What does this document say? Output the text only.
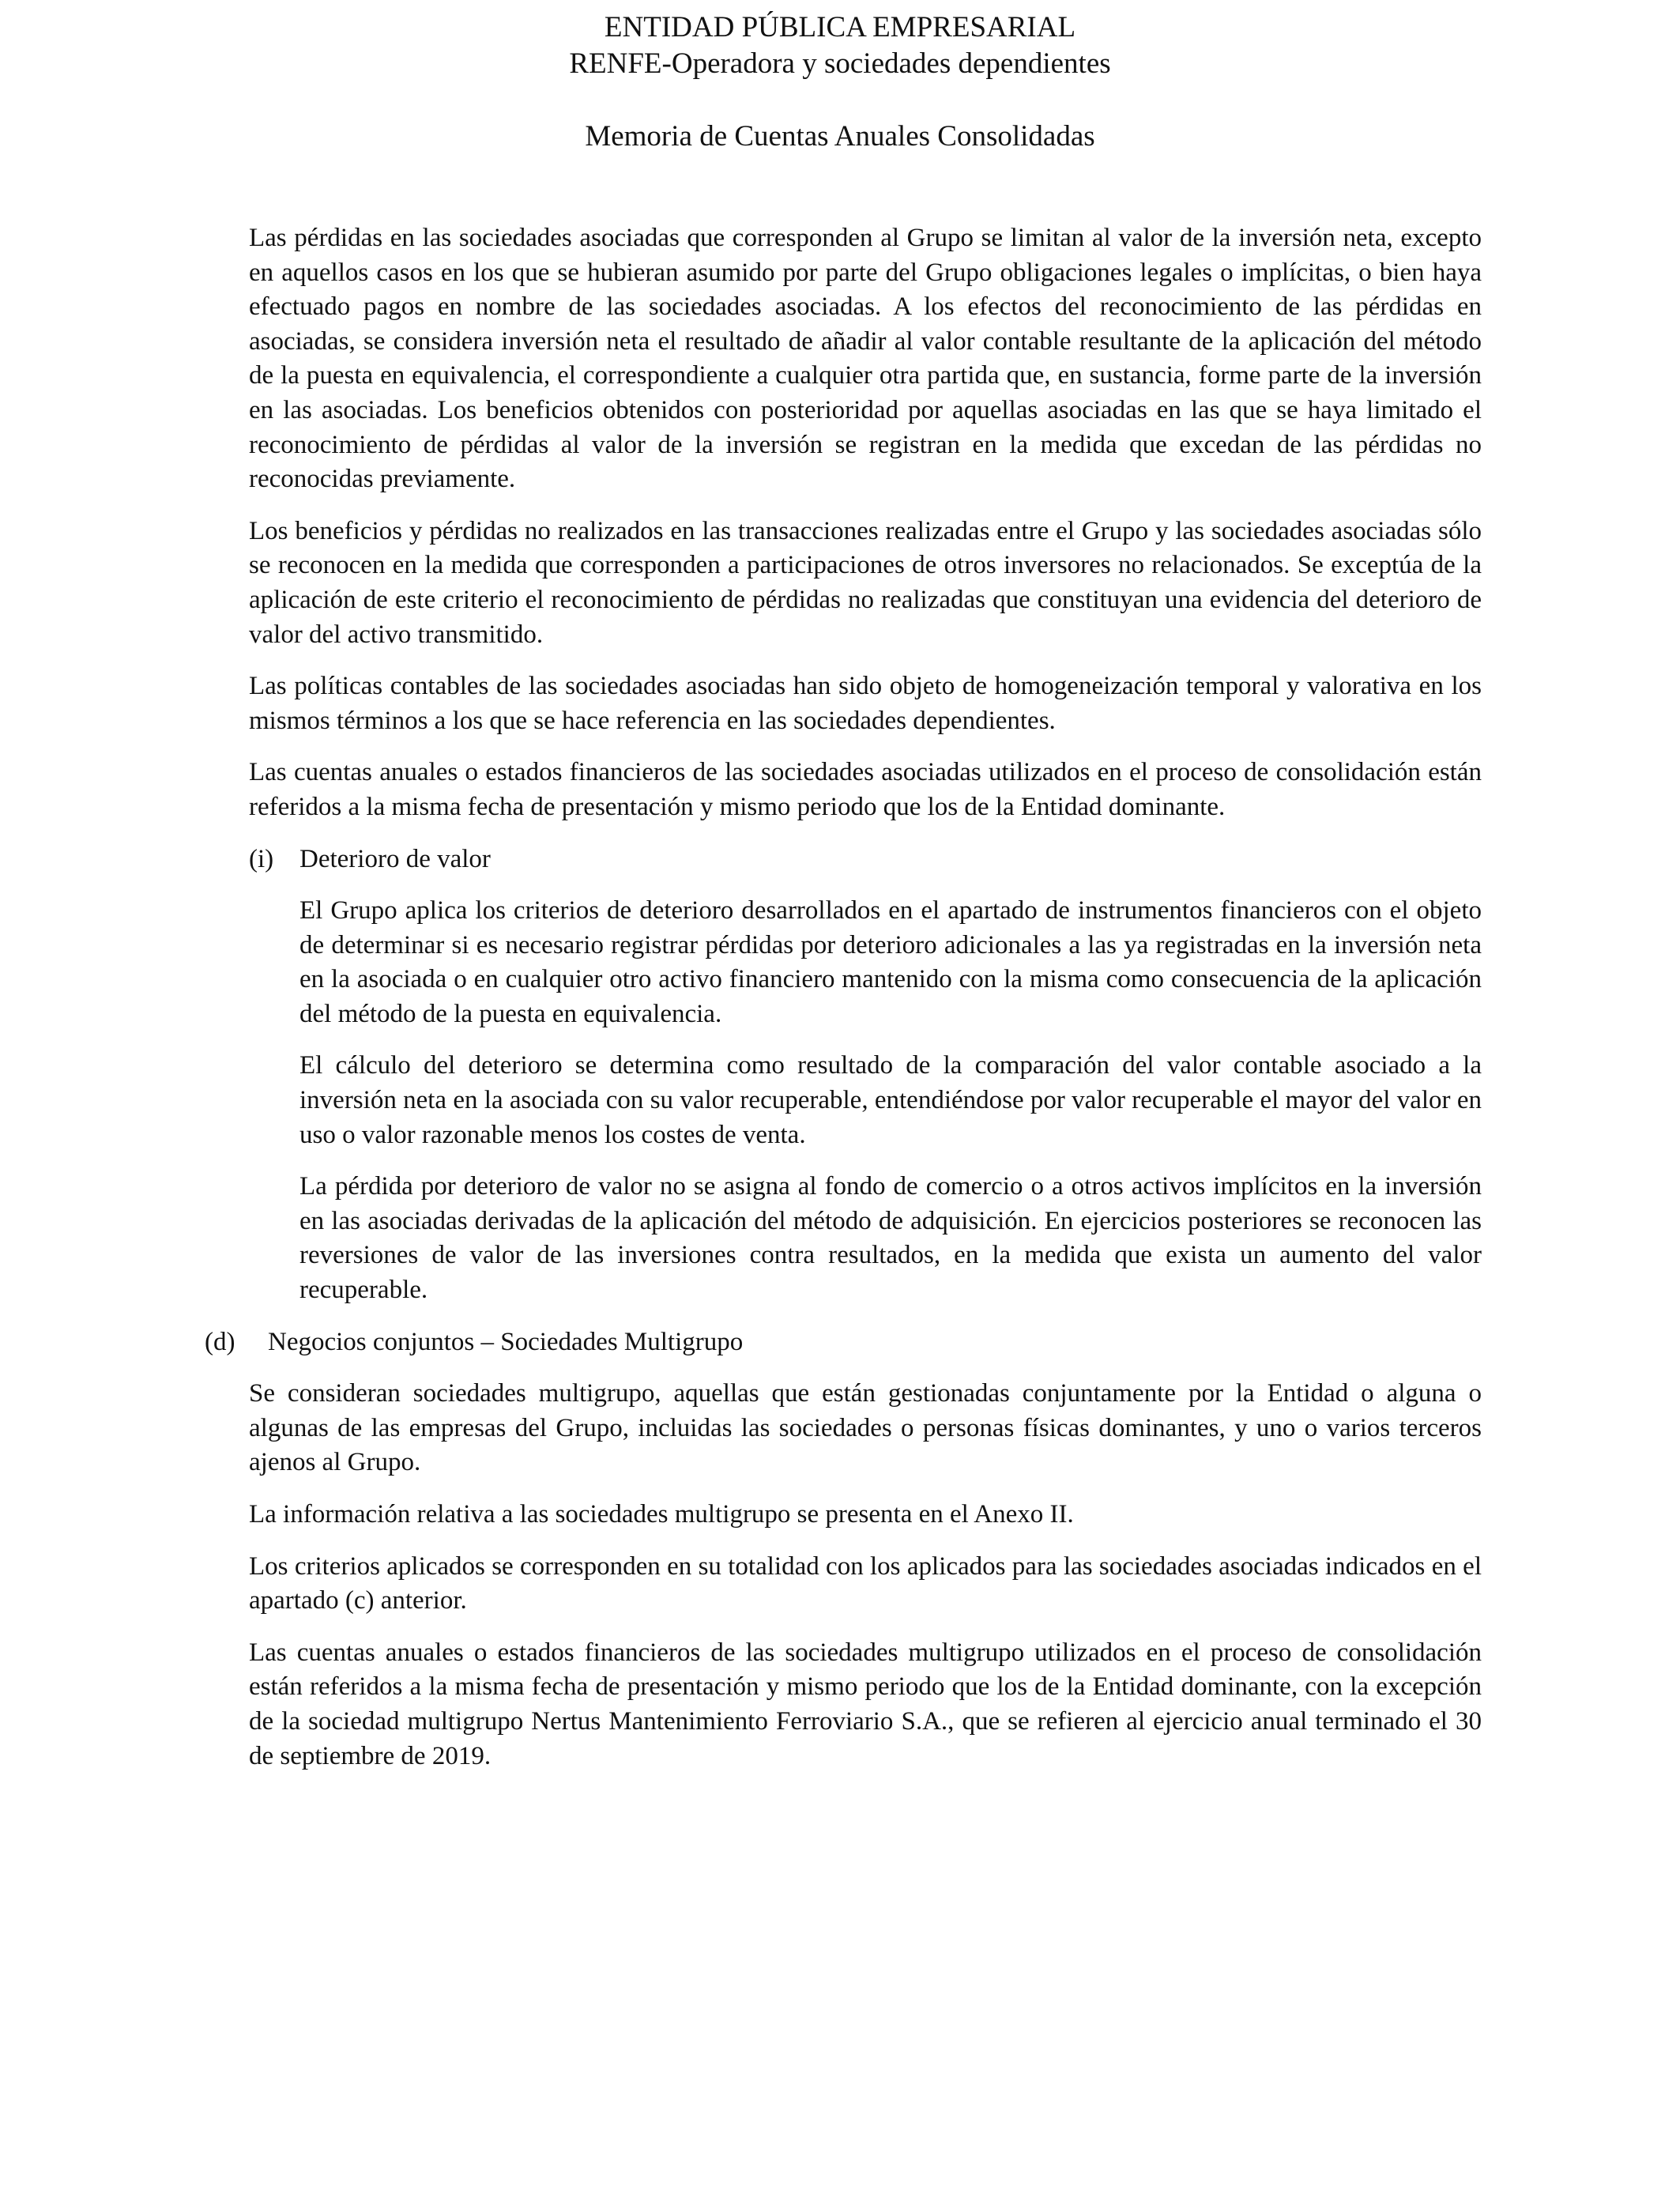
ENTIDAD PÚBLICA EMPRESARIAL
RENFE-Operadora y sociedades dependientes
Memoria de Cuentas Anuales Consolidadas

Las pérdidas en las sociedades asociadas que corresponden al Grupo se limitan al valor de la inversión neta, excepto en aquellos casos en los que se hubieran asumido por parte del Grupo obligaciones legales o implícitas, o bien haya efectuado pagos en nombre de las sociedades asociadas. A los efectos del reconocimiento de las pérdidas en asociadas, se considera inversión neta el resultado de añadir al valor contable resultante de la aplicación del método de la puesta en equivalencia, el correspondiente a cualquier otra partida que, en sustancia, forme parte de la inversión en las asociadas. Los beneficios obtenidos con posterioridad por aquellas asociadas en las que se haya limitado el reconocimiento de pérdidas al valor de la inversión se registran en la medida que excedan de las pérdidas no reconocidas previamente.

Los beneficios y pérdidas no realizados en las transacciones realizadas entre el Grupo y las sociedades asociadas sólo se reconocen en la medida que corresponden a participaciones de otros inversores no relacionados. Se exceptúa de la aplicación de este criterio el reconocimiento de pérdidas no realizadas que constituyan una evidencia del deterioro de valor del activo transmitido.

Las políticas contables de las sociedades asociadas han sido objeto de homogeneización temporal y valorativa en los mismos términos a los que se hace referencia en las sociedades dependientes.

Las cuentas anuales o estados financieros de las sociedades asociadas utilizados en el proceso de consolidación están referidos a la misma fecha de presentación y mismo periodo que los de la Entidad dominante.

(i) Deterioro de valor

El Grupo aplica los criterios de deterioro desarrollados en el apartado de instrumentos financieros con el objeto de determinar si es necesario registrar pérdidas por deterioro adicionales a las ya registradas en la inversión neta en la asociada o en cualquier otro activo financiero mantenido con la misma como consecuencia de la aplicación del método de la puesta en equivalencia.

El cálculo del deterioro se determina como resultado de la comparación del valor contable asociado a la inversión neta en la asociada con su valor recuperable, entendiéndose por valor recuperable el mayor del valor en uso o valor razonable menos los costes de venta.

La pérdida por deterioro de valor no se asigna al fondo de comercio o a otros activos implícitos en la inversión en las asociadas derivadas de la aplicación del método de adquisición. En ejercicios posteriores se reconocen las reversiones de valor de las inversiones contra resultados, en la medida que exista un aumento del valor recuperable.

(d) Negocios conjuntos – Sociedades Multigrupo

Se consideran sociedades multigrupo, aquellas que están gestionadas conjuntamente por la Entidad o alguna o algunas de las empresas del Grupo, incluidas las sociedades o personas físicas dominantes, y uno o varios terceros ajenos al Grupo.

La información relativa a las sociedades multigrupo se presenta en el Anexo II.

Los criterios aplicados se corresponden en su totalidad con los aplicados para las sociedades asociadas indicados en el apartado (c) anterior.

Las cuentas anuales o estados financieros de las sociedades multigrupo utilizados en el proceso de consolidación están referidos a la misma fecha de presentación y mismo periodo que los de la Entidad dominante, con la excepción de la sociedad multigrupo Nertus Mantenimiento Ferroviario S.A., que se refieren al ejercicio anual terminado el 30 de septiembre de 2019.
